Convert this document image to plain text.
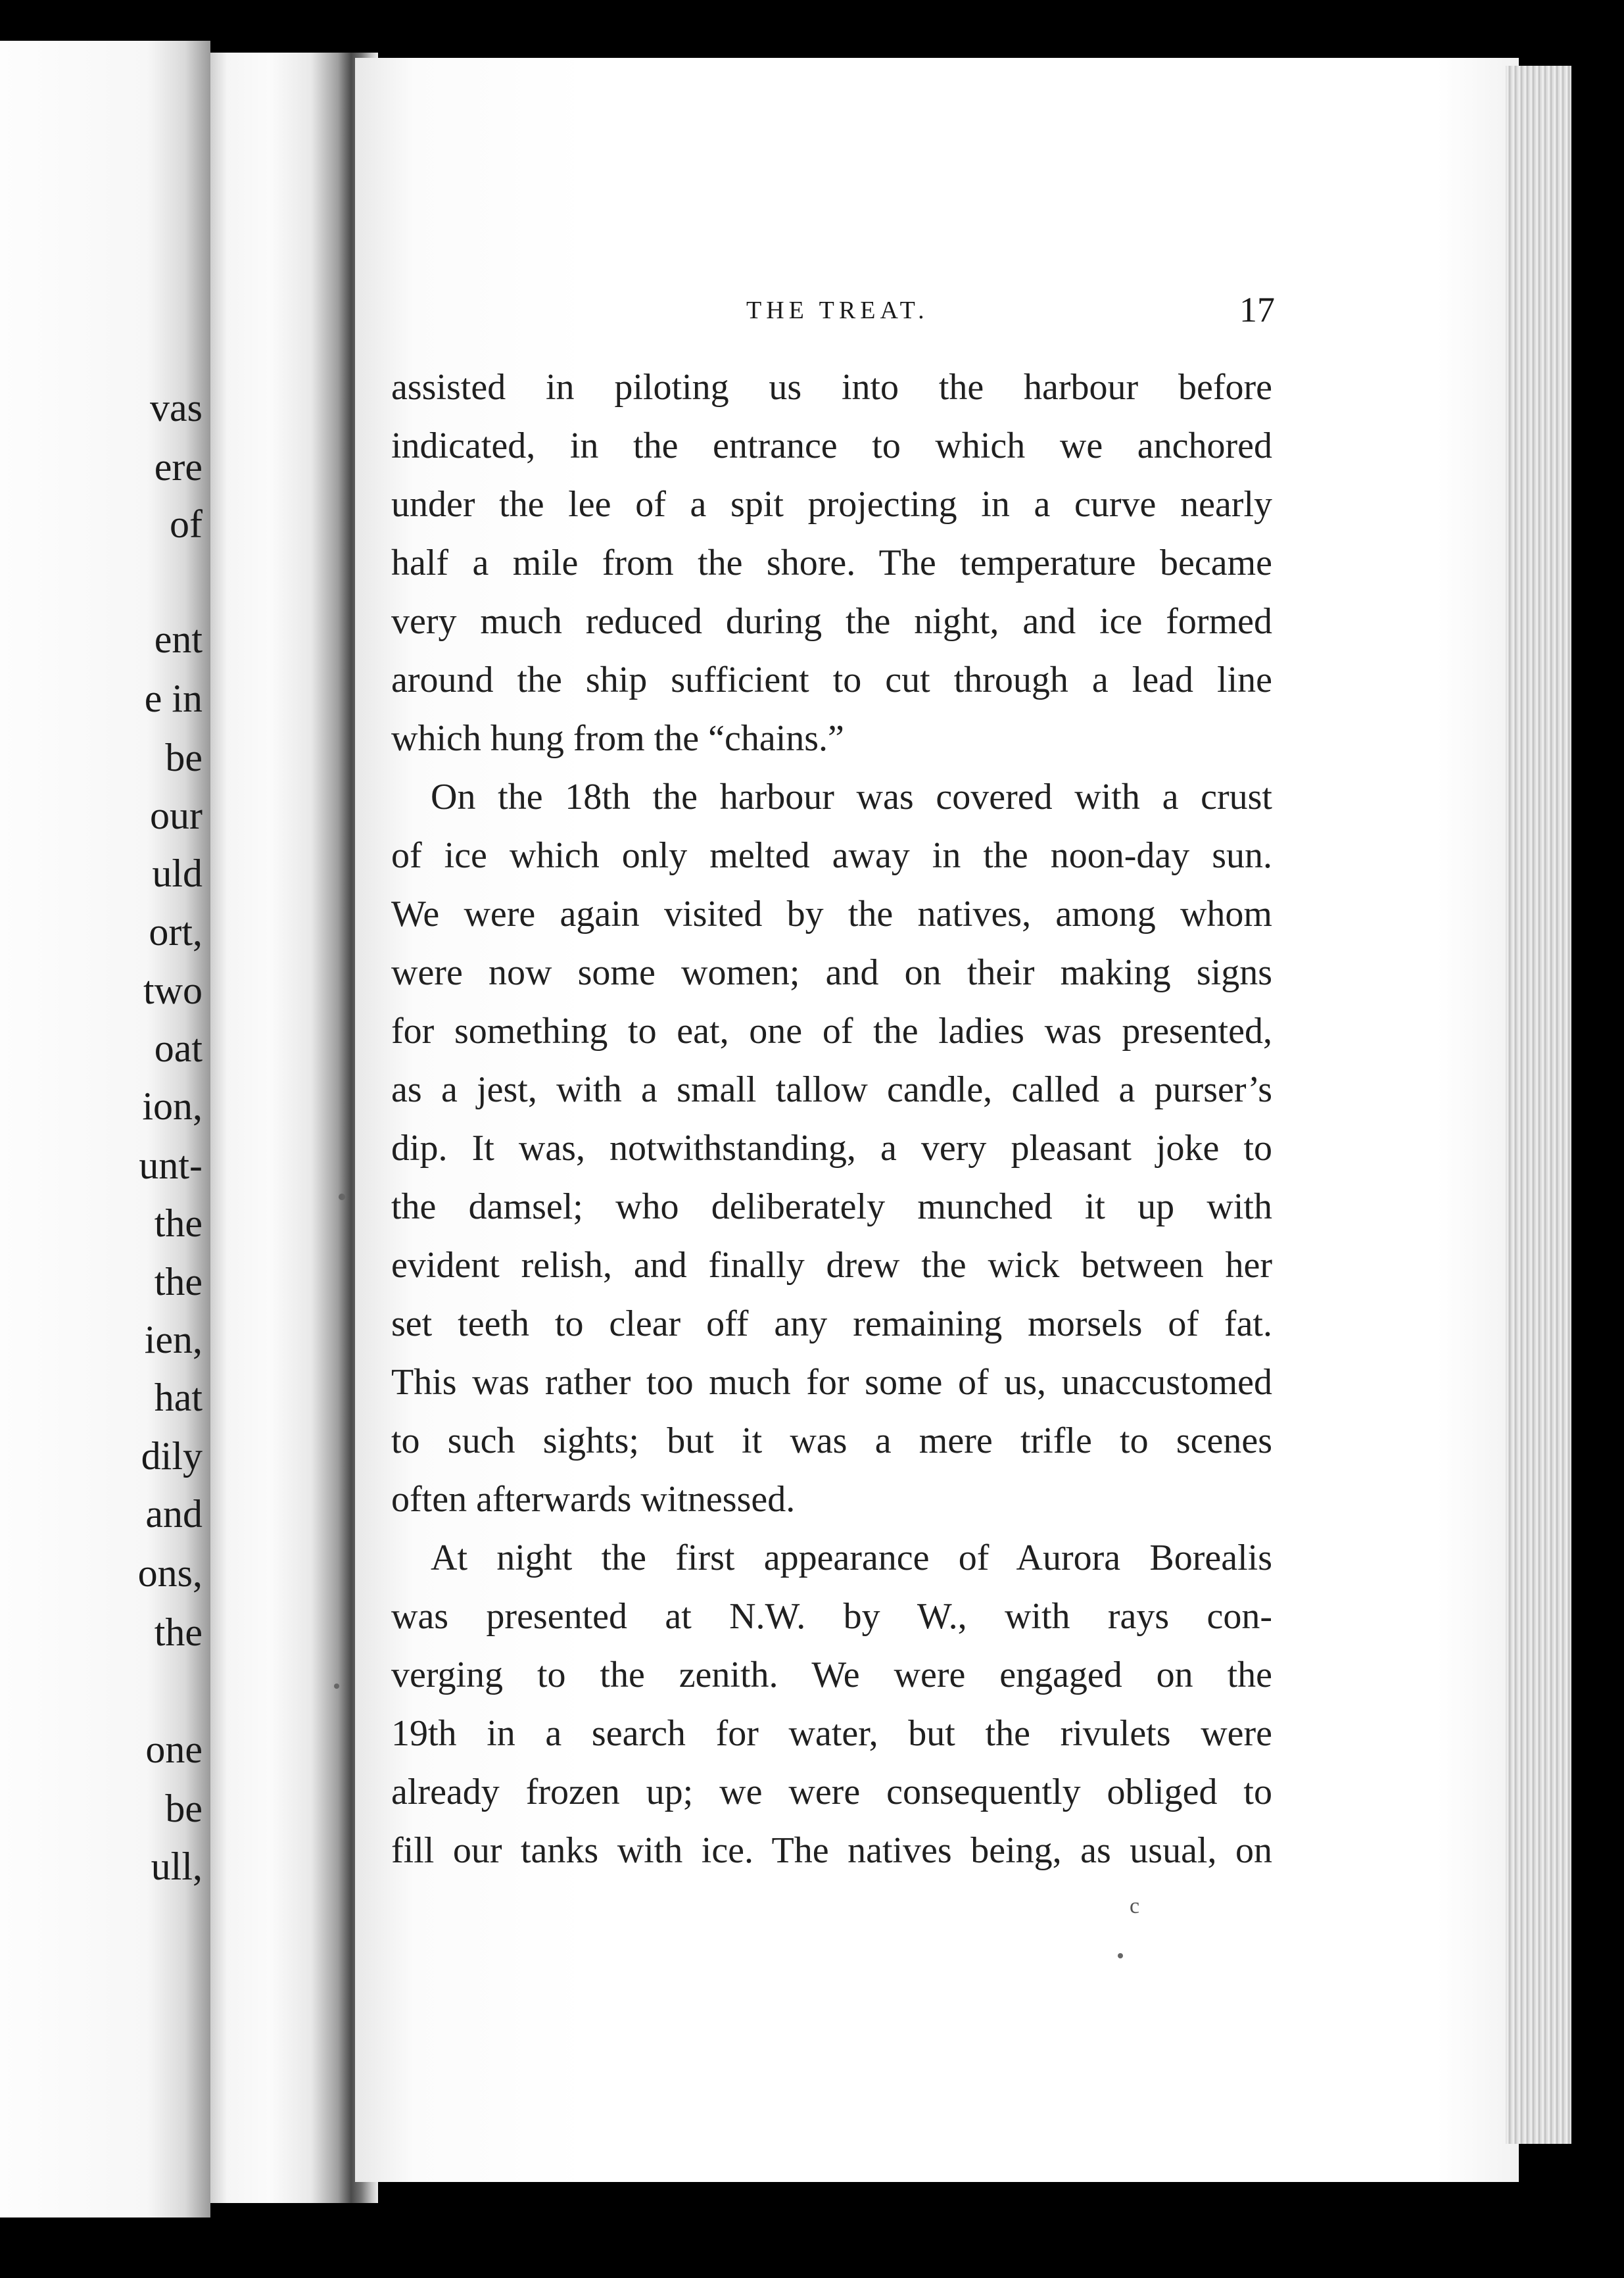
vas
ere
of
ent
e in
be
our
uld
ort,
two
oat
ion,
unt-
the
the
ien,
hat
dily
and
ons,
the
one
be
ull,
THE TREAT.	17
assisted in piloting us into the harbour before
indicated, in the entrance to which we anchored
under the lee of a spit projecting in a curve nearly
half a mile from the shore. The temperature became
very much reduced during the night, and ice formed
around the ship sufficient to cut through a lead line
which hung from the “chains.”
On the 18th the harbour was covered with a crust
of ice which only melted away in the noon-day sun.
We were again visited by the natives, among whom
were now some women; and on their making signs
for something to eat, one of the ladies was presented,
as a jest, with a small tallow candle, called a purser’s
dip. It was, notwithstanding, a very pleasant joke to
the damsel; who deliberately munched it up with
evident relish, and finally drew the wick between her
set teeth to clear off any remaining morsels of fat.
This was rather too much for some of us, unaccustomed
to such sights; but it was a mere trifle to scenes
often afterwards witnessed.
At night the first appearance of Aurora Borealis
was presented at N.W. by W., with rays con-
verging to the zenith. We were engaged on the
19th in a search for water, but the rivulets were
already frozen up; we were consequently obliged to
fill our tanks with ice. The natives being, as usual, on
c
